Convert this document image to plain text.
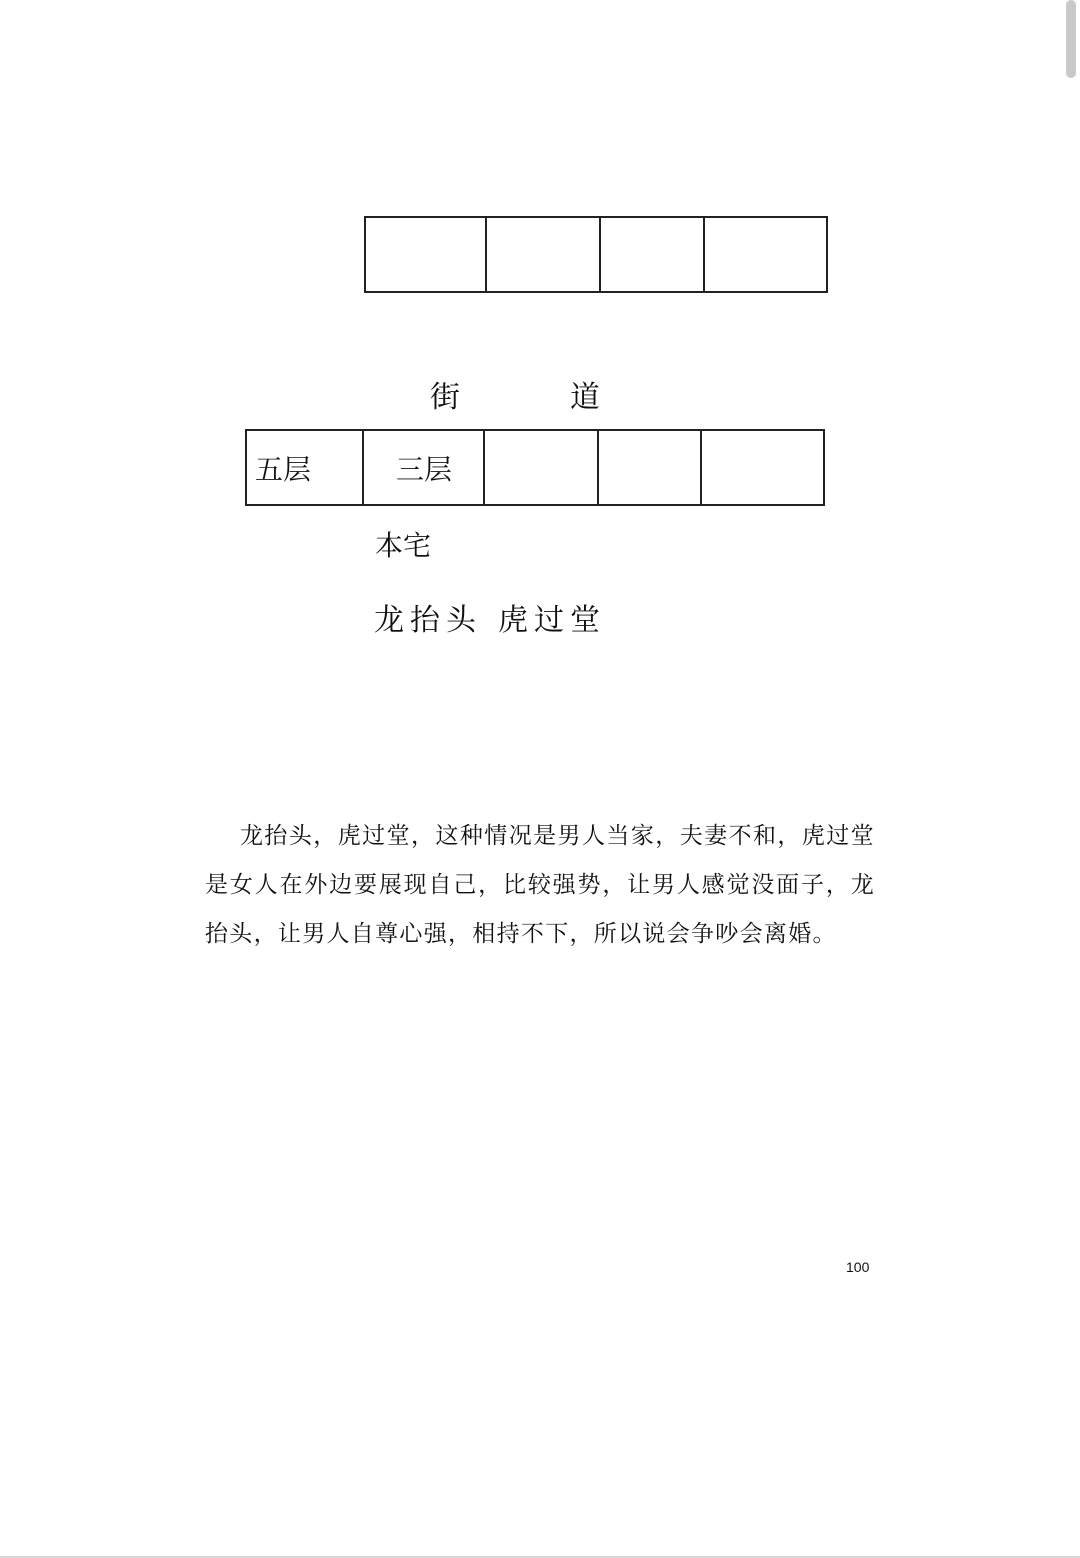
街	道
五层	三层
本宅
龙抬头 虎过堂
龙抬头，虎过堂，这种情况是男人当家，夫妻不和，虎过堂是女人在外边要展现自己，比较强势，让男人感觉没面子，龙抬头，让男人自尊心强，相持不下，所以说会争吵会离婚。
100
